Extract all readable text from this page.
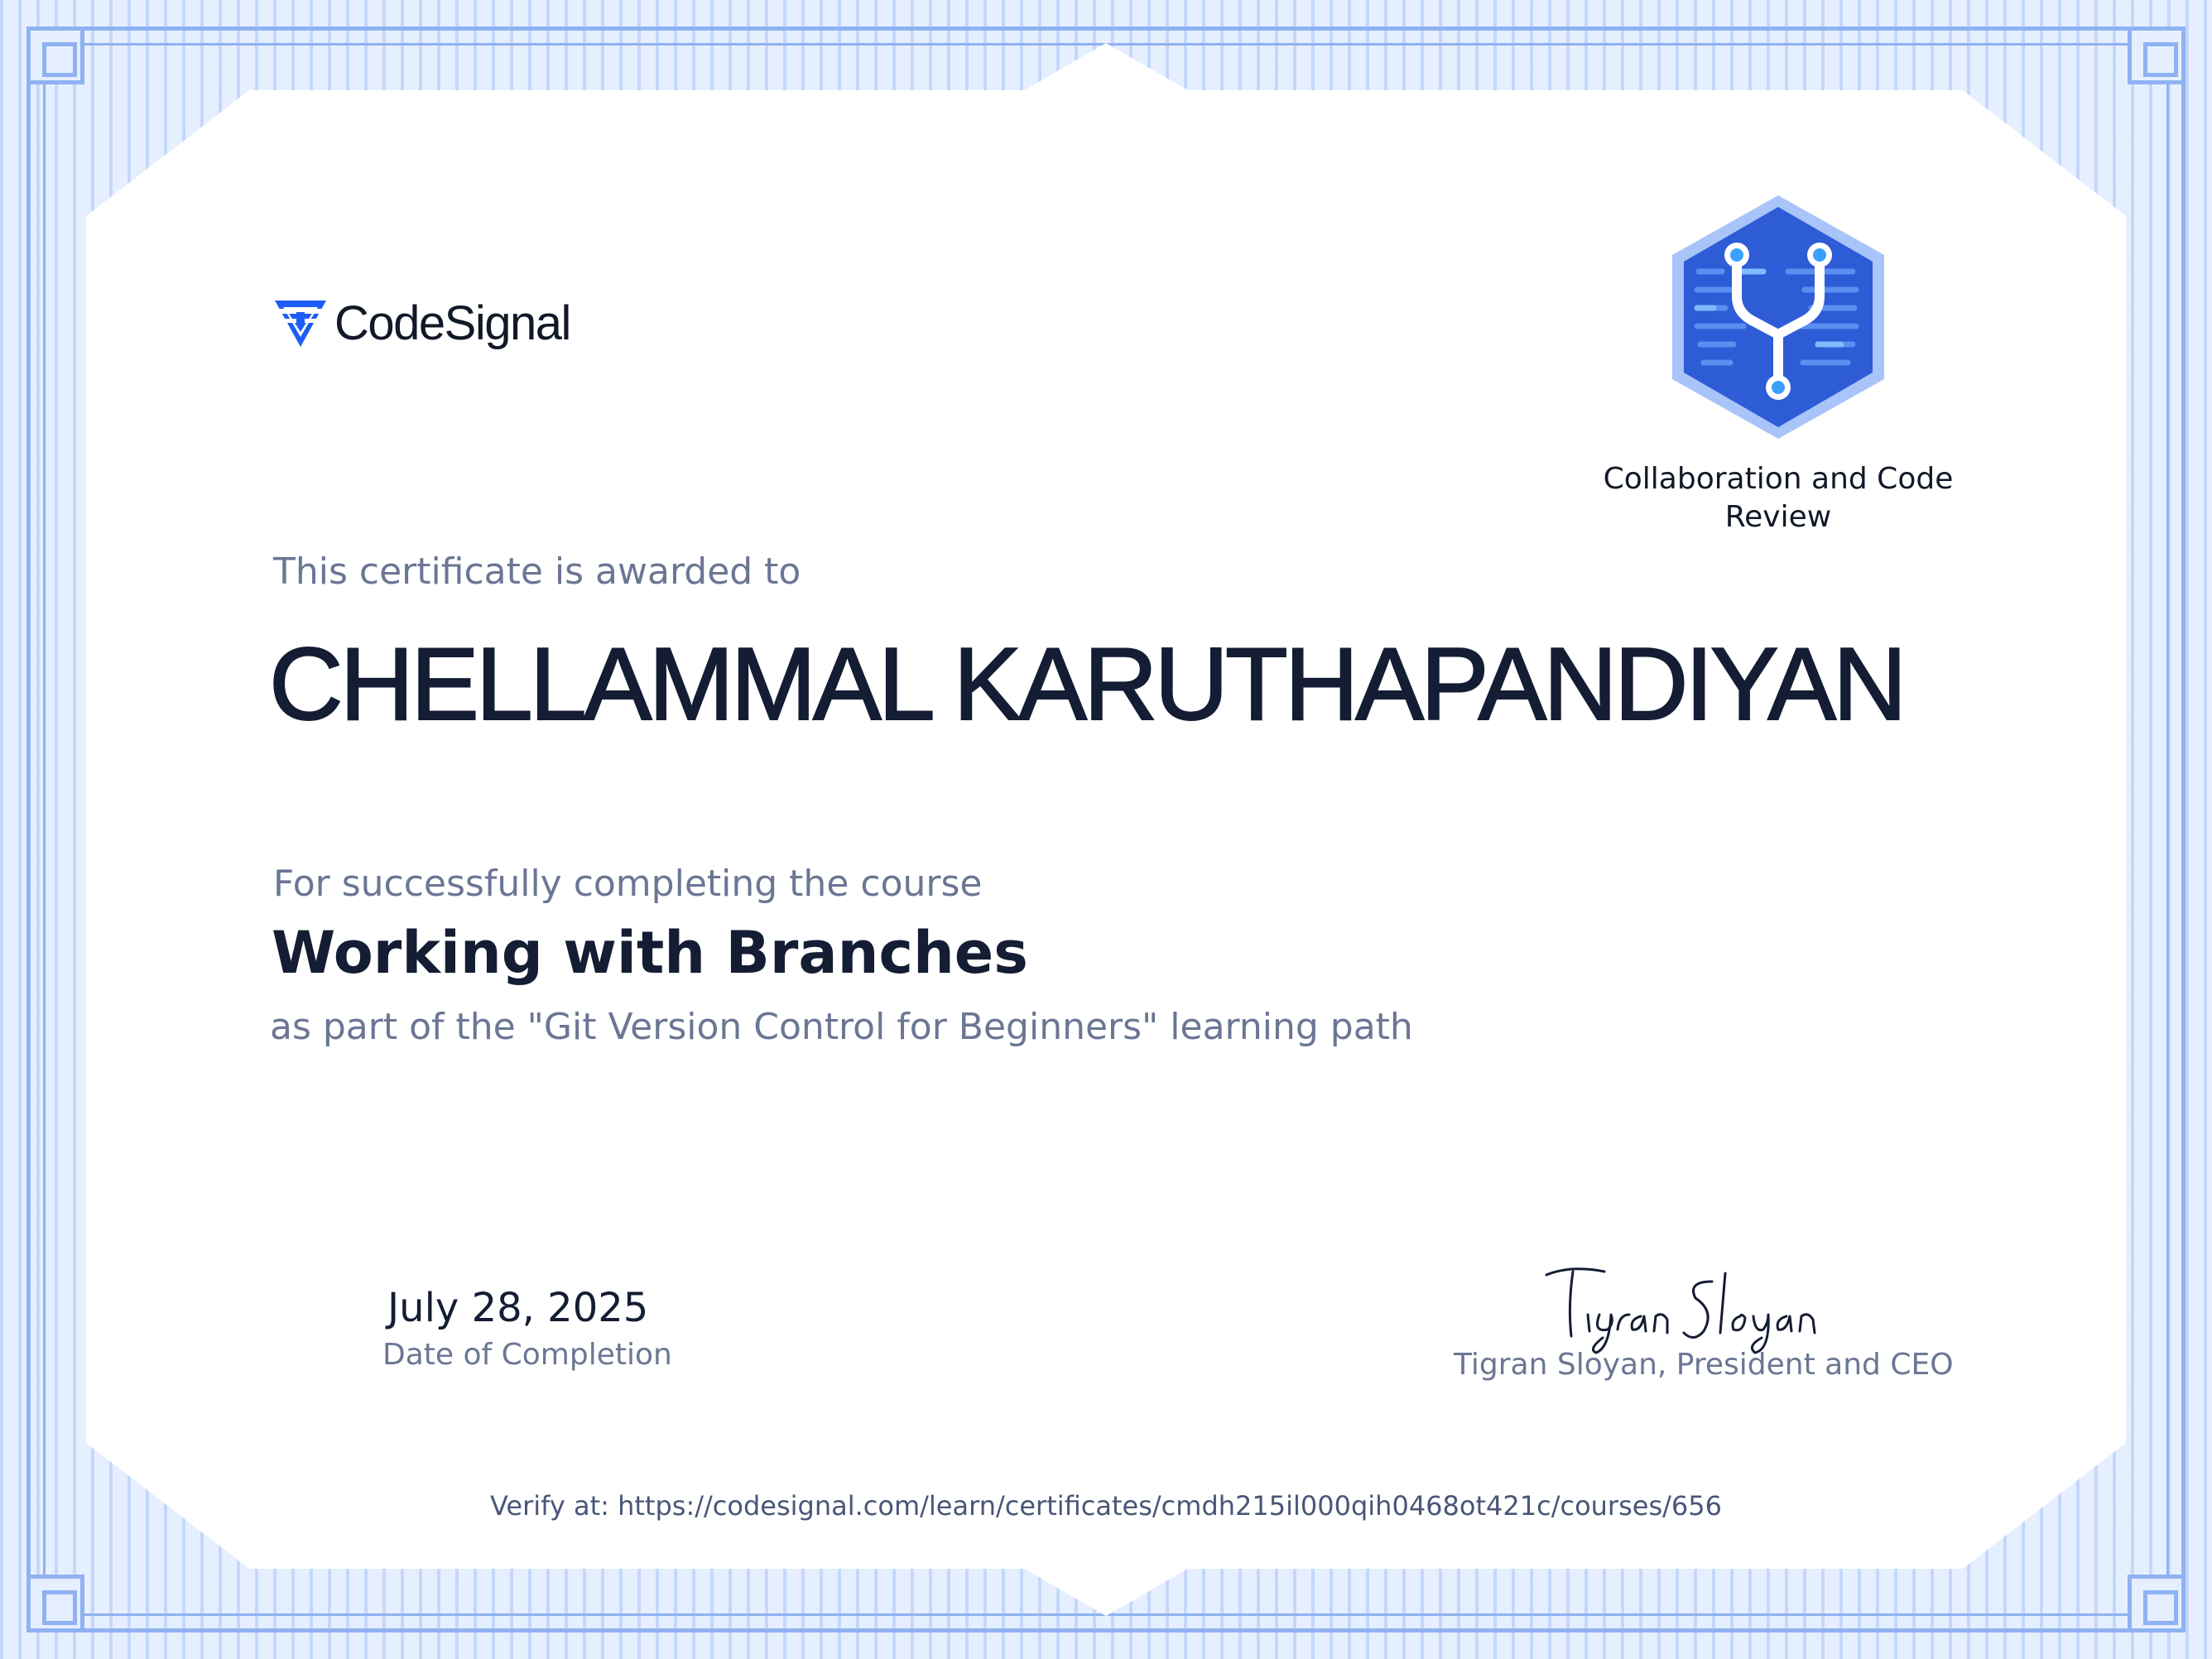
CodeSignal
Collaboration and Code Review
This certificate is awarded to
CHELLAMMAL KARUTHAPANDIYAN
For successfully completing the course
Working with Branches
as part of the "Git Version Control for Beginners" learning path
July 28, 2025
Date of Completion	Tigran Sloyan, President and CEO
Verify at: https://codesignal.com/learn/certificates/cmdh215il000qih0468ot421c/courses/656
